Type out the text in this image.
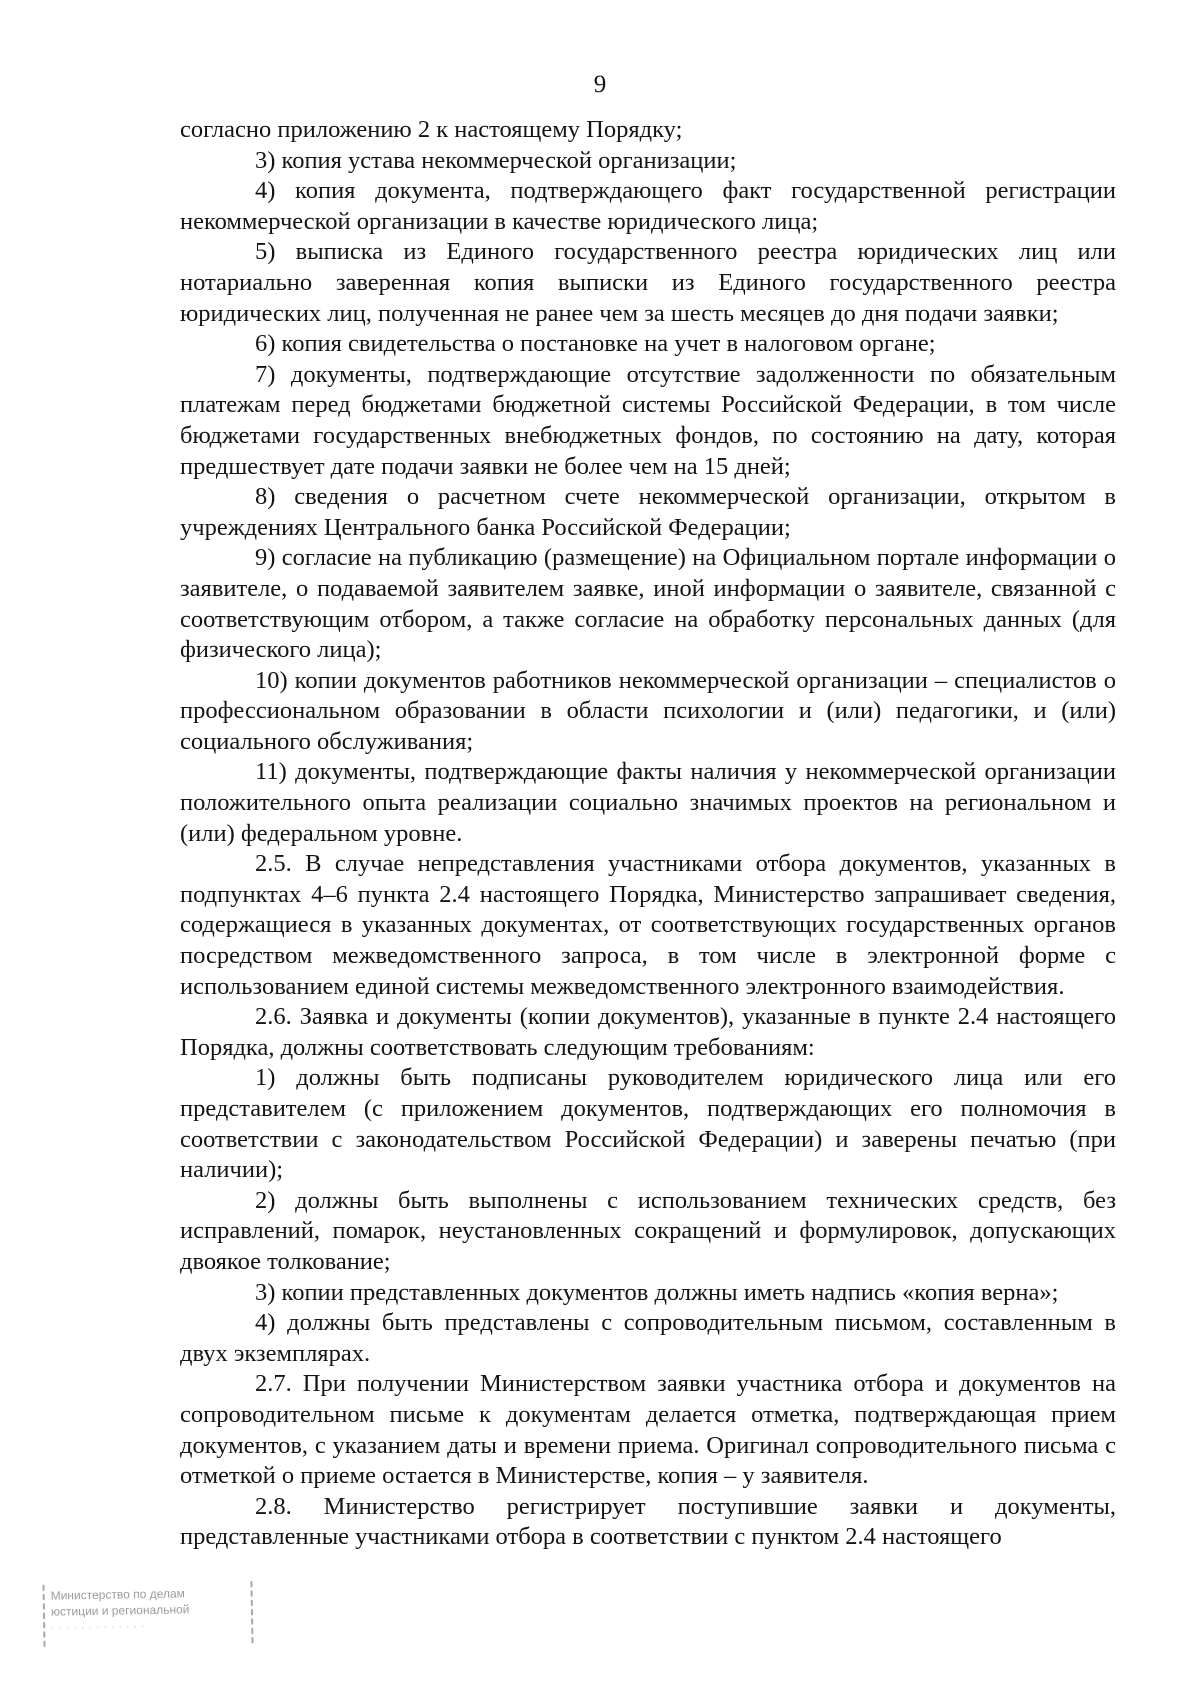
9

согласно приложению 2 к настоящему Порядку;

3) копия устава некоммерческой организации;

4) копия документа, подтверждающего факт государственной регистрации некоммерческой организации в качестве юридического лица;

5) выписка из Единого государственного реестра юридических лиц или нотариально заверенная копия выписки из Единого государственного реестра юридических лиц, полученная не ранее чем за шесть месяцев до дня подачи заявки;

6) копия свидетельства о постановке на учет в налоговом органе;

7) документы, подтверждающие отсутствие задолженности по обязательным платежам перед бюджетами бюджетной системы Российской Федерации, в том числе бюджетами государственных внебюджетных фондов, по состоянию на дату, которая предшествует дате подачи заявки не более чем на 15 дней;

8) сведения о расчетном счете некоммерческой организации, открытом в учреждениях Центрального банка Российской Федерации;

9) согласие на публикацию (размещение) на Официальном портале информации о заявителе, о подаваемой заявителем заявке, иной информации о заявителе, связанной с соответствующим отбором, а также согласие на обработку персональных данных (для физического лица);

10) копии документов работников некоммерческой организации – специалистов о профессиональном образовании в области психологии и (или) педагогики, и (или) социального обслуживания;

11) документы, подтверждающие факты наличия у некоммерческой организации положительного опыта реализации социально значимых проектов на региональном и (или) федеральном уровне.

2.5. В случае непредставления участниками отбора документов, указанных в подпунктах 4–6 пункта 2.4 настоящего Порядка, Министерство запрашивает сведения, содержащиеся в указанных документах, от соответствующих государственных органов посредством межведомственного запроса, в том числе в электронной форме с использованием единой системы межведомственного электронного взаимодействия.

2.6. Заявка и документы (копии документов), указанные в пункте 2.4 настоящего Порядка, должны соответствовать следующим требованиям:

1) должны быть подписаны руководителем юридического лица или его представителем (с приложением документов, подтверждающих его полномочия в соответствии с законодательством Российской Федерации) и заверены печатью (при наличии);

2) должны быть выполнены с использованием технических средств, без исправлений, помарок, неустановленных сокращений и формулировок, допускающих двоякое толкование;

3) копии представленных документов должны иметь надпись «копия верна»;

4) должны быть представлены с сопроводительным письмом, составленным в двух экземплярах.

2.7. При получении Министерством заявки участника отбора и документов на сопроводительном письме к документам делается отметка, подтверждающая прием документов, с указанием даты и времени приема. Оригинал сопроводительного письма с отметкой о приеме остается в Министерстве, копия – у заявителя.

2.8. Министерство регистрирует поступившие заявки и документы, представленные участниками отбора в соответствии с пунктом 2.4 настоящего

Министерство по делам
юстиции и региональной
· · · · · · · · · · · · ·
